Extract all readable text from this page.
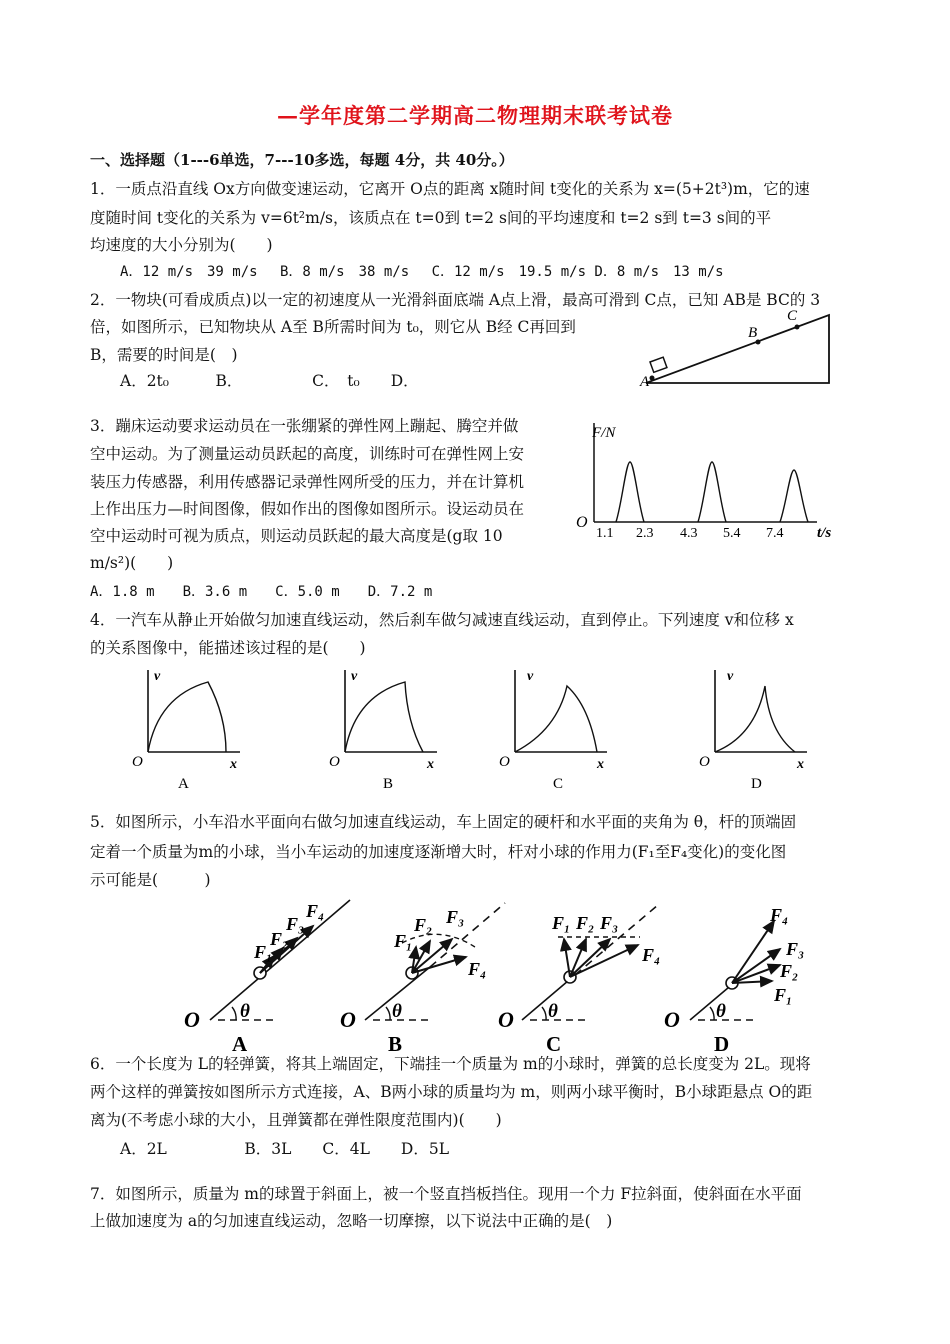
—学年度第二学期高二物理期末联考试卷
一、选择题（1---6单选，7---10多选，每题 4分，共 40分。）
1．一质点沿直线 Ox方向做变速运动，它离开 O点的距离 x随时间 t变化的关系为 x=(5+2t³)m，它的速
度随时间 t变化的关系为 v=6t²m/s，该质点在 t=0到 t=2 s间的平均速度和 t=2 s到 t=3 s间的平
均速度的大小分别为(　　)
A．12 m/s　39 m/s　 B．8 m/s　38 m/s　 C．12 m/s　19.5 m/s D．8 m/s　13 m/s
2．一物块(可看成质点)以一定的初速度从一光滑斜面底端 A点上滑，最高可滑到 C点，已知 AB是 BC的 3
倍，如图所示，已知物块从 A至 B所需时间为 t₀，则它从 B经 C再回到
B，需要的时间是(　)
A．2t₀　　　B．　　　　　C．　t₀　　D．	A
B
C
3．蹦床运动要求运动员在一张绷紧的弹性网上蹦起、腾空并做
空中运动。为了测量运动员跃起的高度，训练时可在弹性网上安
装压力传感器，利用传感器记录弹性网所受的压力，并在计算机
上作出压力—时间图像，假如作出的图像如图所示。设运动员在
空中运动时可视为质点，则运动员跃起的最大高度是(g取 10
m/s²)(　　)
A．1.8 m　　B．3.6 m　　C．5.0 m　　D．7.2 m
F/N
t/s
O
1.1 2.3 4.3 5.4 7.4
4．一汽车从静止开始做匀加速直线运动，然后刹车做匀减速直线运动，直到停止。下列速度 v和位移 x
的关系图像中，能描述该过程的是(　　)
v
x
O
A
v
x
O
B
v
x
O
C
v
x
O
D
5．如图所示，小车沿水平面向右做匀加速直线运动，车上固定的硬杆和水平面的夹角为 θ，杆的顶端固
定着一个质量为m的小球，当小车运动的加速度逐渐增大时，杆对小球的作用力(F₁至F₄变化)的变化图
示可能是(　　　)
F₁
F₂
F₃
F₄
θ
O
A
F₁
F₂ F₃
F₄
θ
O
B
F₁ F₂ F₃
F₄
θ
O
C
F₁
F₂
F₃
F₄
θ
O
D
6．一个长度为 L的轻弹簧，将其上端固定，下端挂一个质量为 m的小球时，弹簧的总长度变为 2L。现将
两个这样的弹簧按如图所示方式连接，A、B两小球的质量均为 m，则两小球平衡时，B小球距悬点 O的距
离为(不考虑小球的大小，且弹簧都在弹性限度范围内)(　　)
A．2L　　　　　B．3L　　C．4L　　D．5L
7．如图所示，质量为 m的球置于斜面上，被一个竖直挡板挡住。现用一个力 F拉斜面，使斜面在水平面
上做加速度为 a的匀加速直线运动，忽略一切摩擦，以下说法中正确的是(　)
